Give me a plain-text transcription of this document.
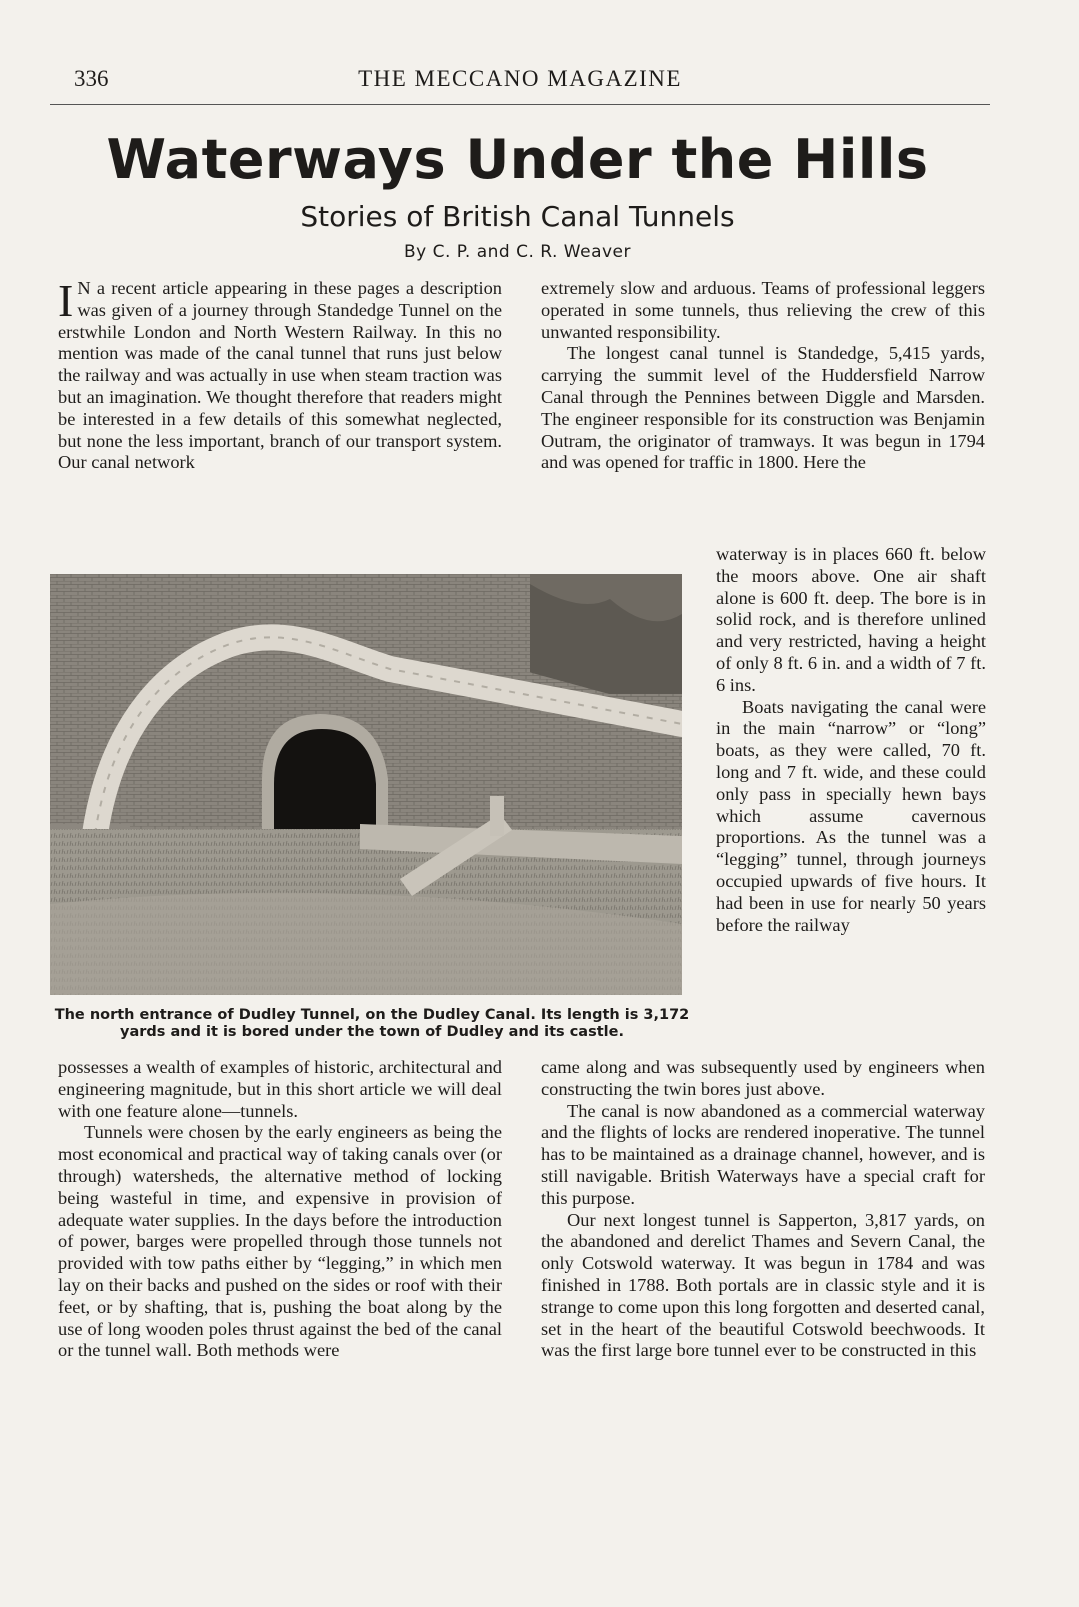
336	THE MECCANO MAGAZINE
Waterways Under the Hills
Stories of British Canal Tunnels
By C. P. and C. R. Weaver

I N a recent article appearing in these pages a description was given of a journey through Standedge Tunnel on the erstwhile London and North Western Railway. In this no mention was made of the canal tunnel that runs just below the railway and was actually in use when steam traction was but an imagination. We thought therefore that readers might be interested in a few details of this somewhat neglected, but none the less important, branch of our transport system. Our canal network

extremely slow and arduous. Teams of professional leggers operated in some tunnels, thus relieving the crew of this unwanted responsibility.

The longest canal tunnel is Standedge, 5,415 yards, carrying the summit level of the Huddersfield Narrow Canal through the Pennines between Diggle and Marsden. The engineer responsible for its construction was Benjamin Outram, the originator of tramways. It was begun in 1794 and was opened for traffic in 1800. Here the

waterway is in places 660 ft. below the moors above. One air shaft alone is 600 ft. deep. The bore is in solid rock, and is therefore unlined and very restricted, having a height of only 8 ft. 6 in. and a width of 7 ft. 6 ins.

Boats navigating the canal were in the main “narrow” or “long” boats, as they were called, 70 ft. long and 7 ft. wide, and these could only pass in specially hewn bays which assume cavernous proportions. As the tunnel was a “legging” tunnel, through journeys occupied upwards of five hours. It had been in use for nearly 50 years before the railway

The north entrance of Dudley Tunnel, on the Dudley Canal. Its length is 3,172 yards and it is bored under the town of Dudley and its castle.

possesses a wealth of examples of historic, architectural and engineering magnitude, but in this short article we will deal with one feature alone—tunnels.

Tunnels were chosen by the early engineers as being the most economical and practical way of taking canals over (or through) watersheds, the alternative method of locking being wasteful in time, and expensive in provision of adequate water supplies. In the days before the introduction of power, barges were propelled through those tunnels not provided with tow paths either by “legging,” in which men lay on their backs and pushed on the sides or roof with their feet, or by shafting, that is, pushing the boat along by the use of long wooden poles thrust against the bed of the canal or the tunnel wall. Both methods were

came along and was subsequently used by engineers when constructing the twin bores just above.

The canal is now abandoned as a commercial waterway and the flights of locks are rendered inoperative. The tunnel has to be maintained as a drainage channel, however, and is still navigable. British Waterways have a special craft for this purpose.

Our next longest tunnel is Sapperton, 3,817 yards, on the abandoned and derelict Thames and Severn Canal, the only Cotswold waterway. It was begun in 1784 and was finished in 1788. Both portals are in classic style and it is strange to come upon this long forgotten and deserted canal, set in the heart of the beautiful Cotswold beechwoods. It was the first large bore tunnel ever to be constructed in this
